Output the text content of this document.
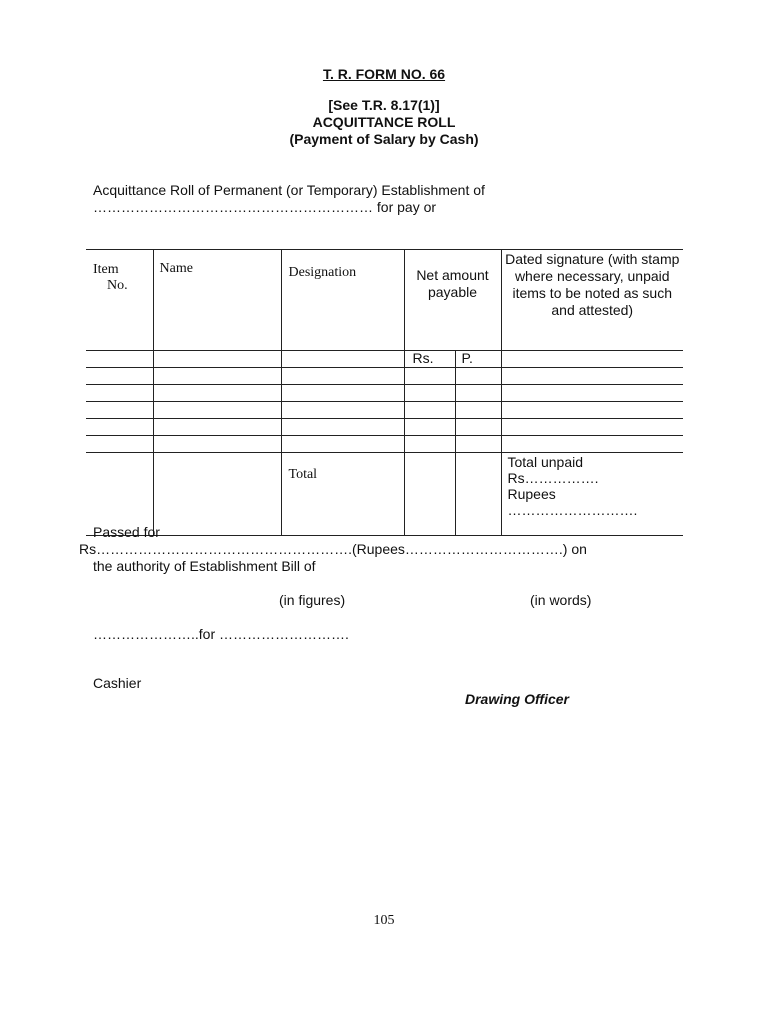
T. R. FORM NO. 66
[See T.R. 8.17(1)]
ACQUITTANCE ROLL
(Payment of Salary by Cash)
Acquittance Roll of Permanent (or Temporary) Establishment of
…………………………………………………… for pay or
Item
No.	Name	Designation	Net amount payable		Dated signature (with stamp where necessary, unpaid items to be noted as such and attested)
			Rs.	P.	

		Total			Total unpaid
Rs…………….
Rupees
……………………….
Passed for
Rs……………………………………………….(Rupees…………………………….) on
the authority of Establishment Bill of
(in figures)	(in words)
…………………..for ……………………….
Cashier
Drawing Officer
105
